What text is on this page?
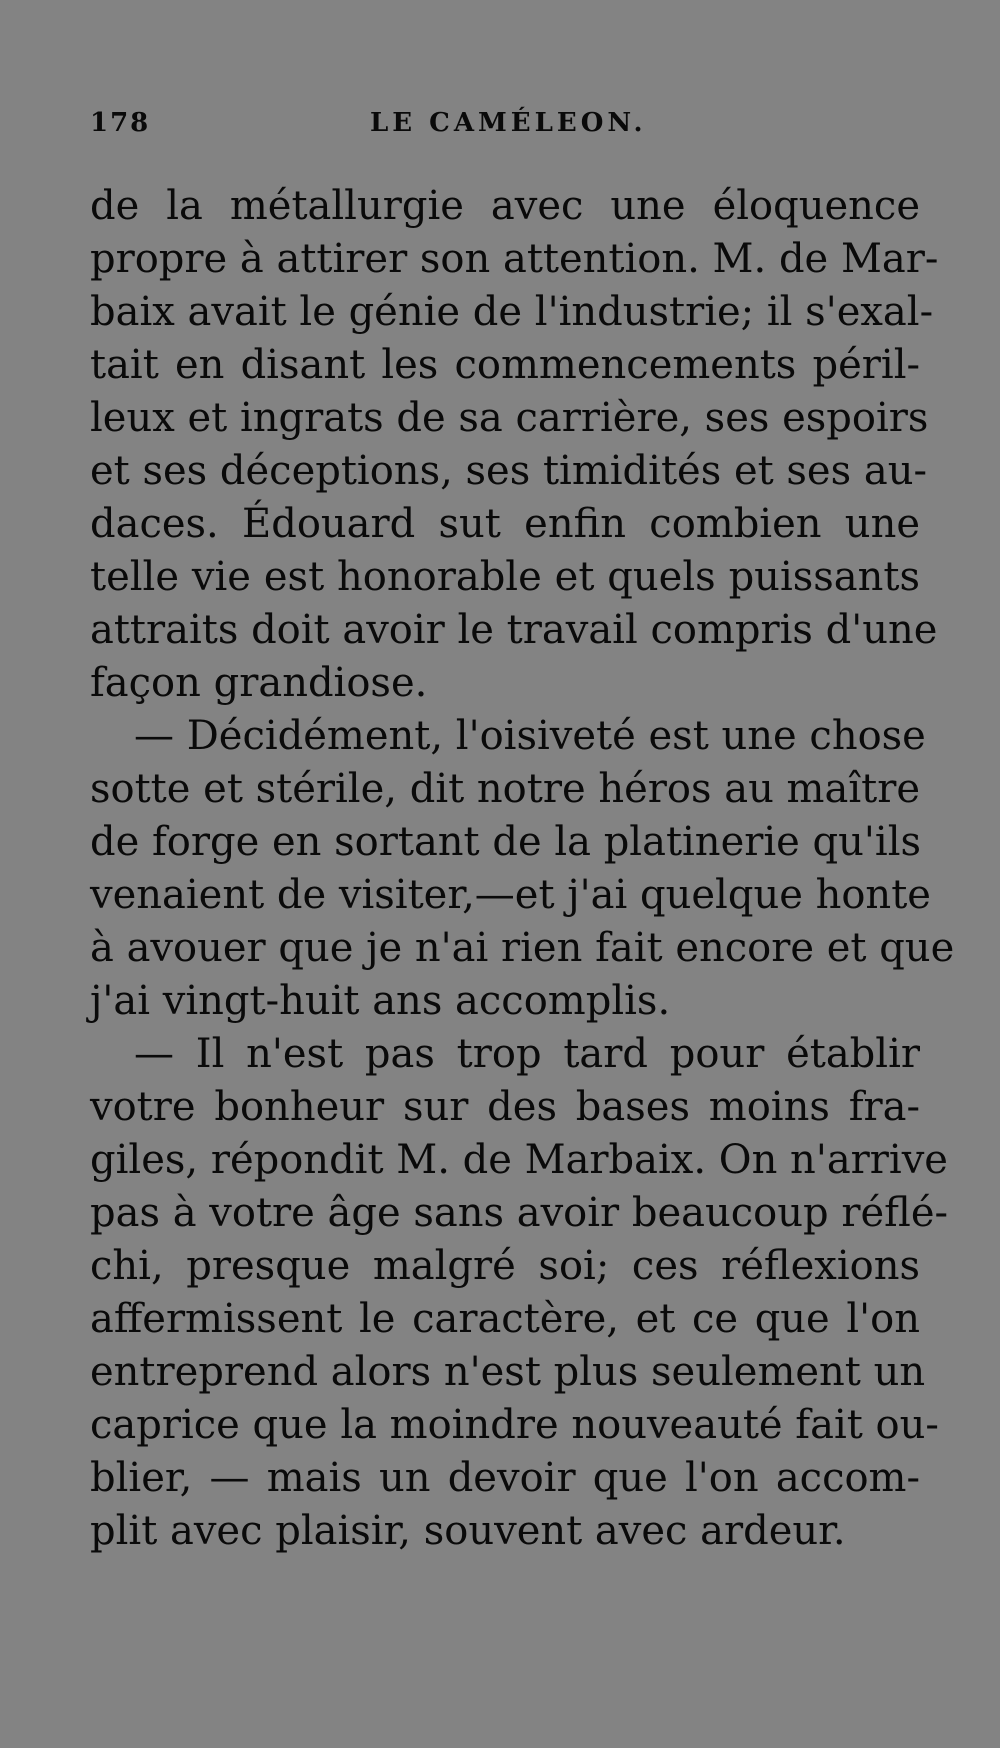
178	LE CAMÉLEON.
de la métallurgie avec une éloquence
propre à attirer son attention. M. de Mar-
baix avait le génie de l'industrie; il s'exal-
tait en disant les commencements péril-
leux et ingrats de sa carrière, ses espoirs
et ses déceptions, ses timidités et ses au-
daces. Édouard sut enfin combien une
telle vie est honorable et quels puissants
attraits doit avoir le travail compris d'une
façon grandiose.
— Décidément, l'oisiveté est une chose
sotte et stérile, dit notre héros au maître
de forge en sortant de la platinerie qu'ils
venaient de visiter,—et j'ai quelque honte
à avouer que je n'ai rien fait encore et que
j'ai vingt-huit ans accomplis.
— Il n'est pas trop tard pour établir
votre bonheur sur des bases moins fra-
giles, répondit M. de Marbaix. On n'arrive
pas à votre âge sans avoir beaucoup réflé-
chi, presque malgré soi; ces réflexions
affermissent le caractère, et ce que l'on
entreprend alors n'est plus seulement un
caprice que la moindre nouveauté fait ou-
blier, — mais un devoir que l'on accom-
plit avec plaisir, souvent avec ardeur.
